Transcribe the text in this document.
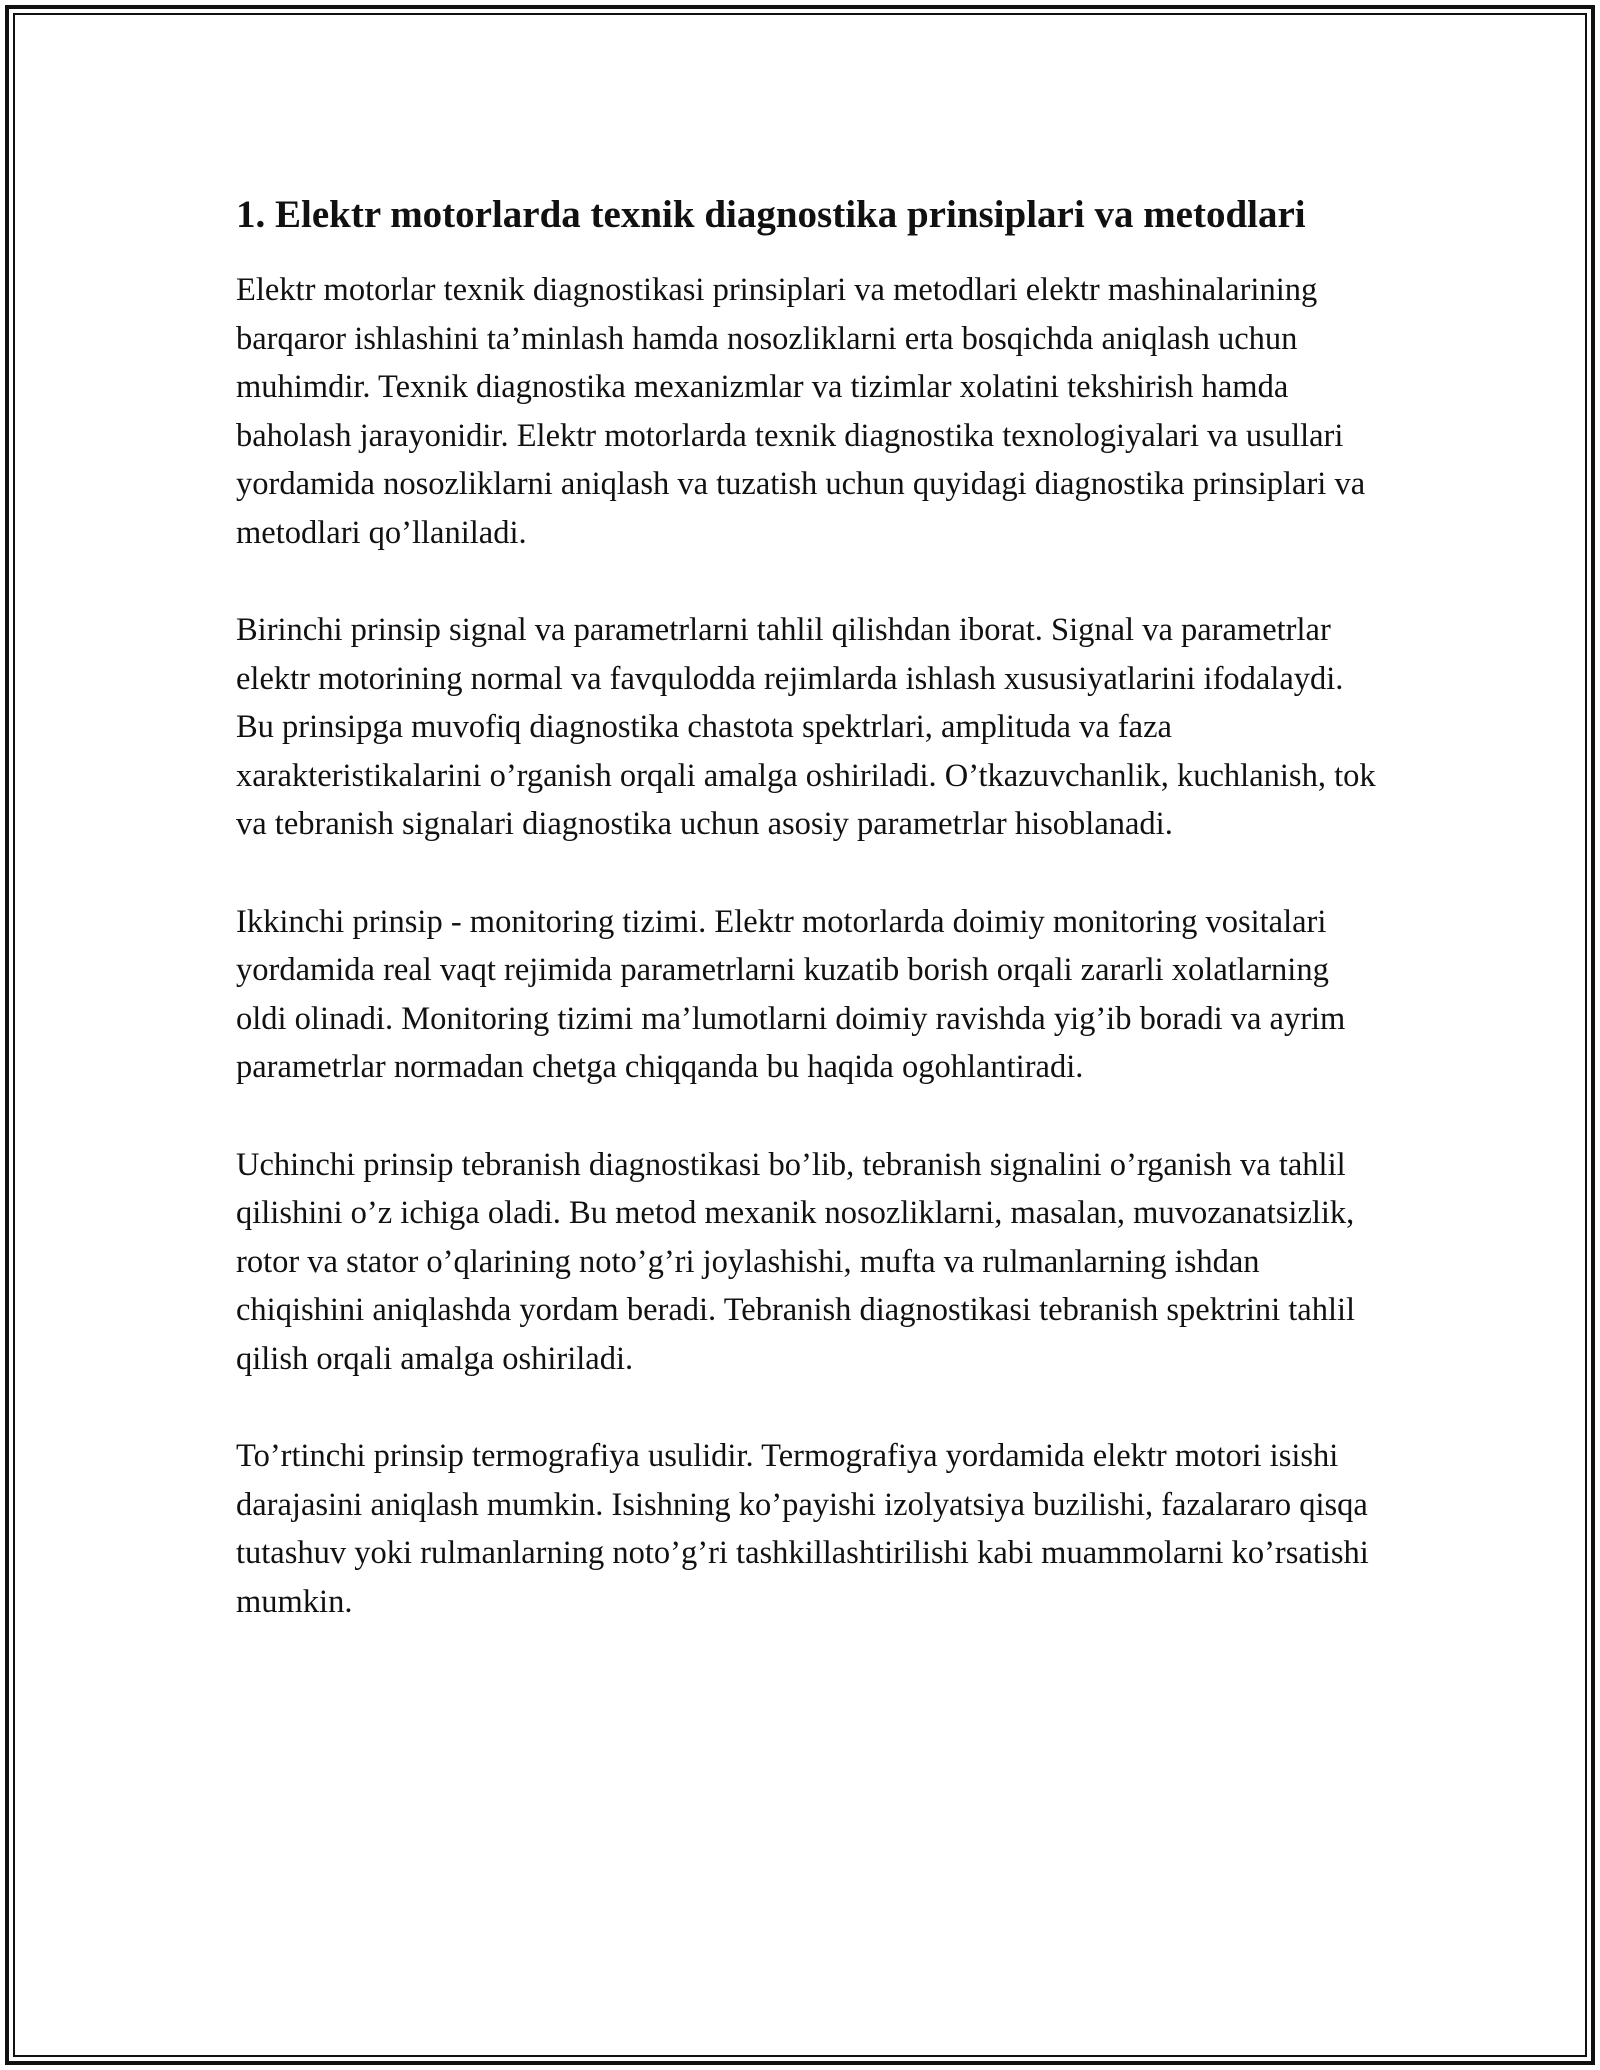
1. Elektr motorlarda texnik diagnostika prinsiplari va metodlari

Elektr motorlar texnik diagnostikasi prinsiplari va metodlari elektr mashinalarining barqaror ishlashini ta’minlash hamda nosozliklarni erta bosqichda aniqlash uchun muhimdir. Texnik diagnostika mexanizmlar va tizimlar xolatini tekshirish hamda baholash jarayonidir. Elektr motorlarda texnik diagnostika texnologiyalari va usullari yordamida nosozliklarni aniqlash va tuzatish uchun quyidagi diagnostika prinsiplari va metodlari qo’llaniladi.

Birinchi prinsip signal va parametrlarni tahlil qilishdan iborat. Signal va parametrlar elektr motorining normal va favqulodda rejimlarda ishlash xususiyatlarini ifodalaydi. Bu prinsipga muvofiq diagnostika chastota spektrlari, amplituda va faza xarakteristikalarini o’rganish orqali amalga oshiriladi. O’tkazuvchanlik, kuchlanish, tok va tebranish signalari diagnostika uchun asosiy parametrlar hisoblanadi.

Ikkinchi prinsip - monitoring tizimi. Elektr motorlarda doimiy monitoring vositalari yordamida real vaqt rejimida parametrlarni kuzatib borish orqali zararli xolatlarning oldi olinadi. Monitoring tizimi ma’lumotlarni doimiy ravishda yig’ib boradi va ayrim parametrlar normadan chetga chiqqanda bu haqida ogohlantiradi.

Uchinchi prinsip tebranish diagnostikasi bo’lib, tebranish signalini o’rganish va tahlil qilishini o’z ichiga oladi. Bu metod mexanik nosozliklarni, masalan, muvozanatsizlik, rotor va stator o’qlarining noto’g’ri joylashishi, mufta va rulmanlarning ishdan chiqishini aniqlashda yordam beradi. Tebranish diagnostikasi tebranish spektrini tahlil qilish orqali amalga oshiriladi.

To’rtinchi prinsip termografiya usulidir. Termografiya yordamida elektr motori isishi darajasini aniqlash mumkin. Isishning ko’payishi izolyatsiya buzilishi, fazalararo qisqa tutashuv yoki rulmanlarning noto’g’ri tashkillashtirilishi kabi muammolarni ko’rsatishi mumkin.
